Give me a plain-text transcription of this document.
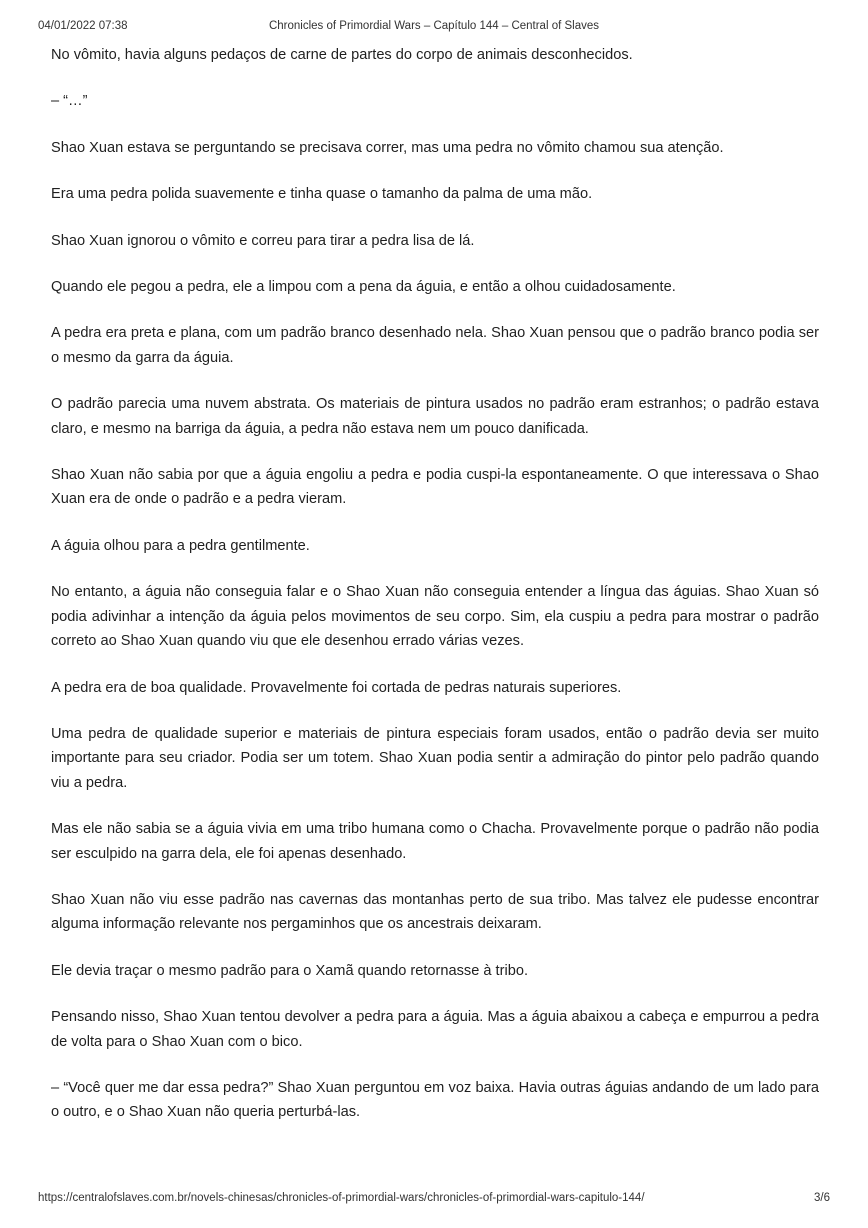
04/01/2022 07:38	Chronicles of Primordial Wars – Capítulo 144 – Central of Slaves

No vômito, havia alguns pedaços de carne de partes do corpo de animais desconhecidos.

– “…”

Shao Xuan estava se perguntando se precisava correr, mas uma pedra no vômito chamou sua atenção.

Era uma pedra polida suavemente e tinha quase o tamanho da palma de uma mão.

Shao Xuan ignorou o vômito e correu para tirar a pedra lisa de lá.

Quando ele pegou a pedra, ele a limpou com a pena da águia, e então a olhou cuidadosamente.

A pedra era preta e plana, com um padrão branco desenhado nela. Shao Xuan pensou que o padrão branco podia ser o mesmo da garra da águia.

O padrão parecia uma nuvem abstrata. Os materiais de pintura usados no padrão eram estranhos; o padrão estava claro, e mesmo na barriga da águia, a pedra não estava nem um pouco danificada.

Shao Xuan não sabia por que a águia engoliu a pedra e podia cuspi-la espontaneamente. O que interessava o Shao Xuan era de onde o padrão e a pedra vieram.

A águia olhou para a pedra gentilmente.

No entanto, a águia não conseguia falar e o Shao Xuan não conseguia entender a língua das águias. Shao Xuan só podia adivinhar a intenção da águia pelos movimentos de seu corpo. Sim, ela cuspiu a pedra para mostrar o padrão correto ao Shao Xuan quando viu que ele desenhou errado várias vezes.

A pedra era de boa qualidade. Provavelmente foi cortada de pedras naturais superiores.

Uma pedra de qualidade superior e materiais de pintura especiais foram usados, então o padrão devia ser muito importante para seu criador. Podia ser um totem. Shao Xuan podia sentir a admiração do pintor pelo padrão quando viu a pedra.

Mas ele não sabia se a águia vivia em uma tribo humana como o Chacha. Provavelmente porque o padrão não podia ser esculpido na garra dela, ele foi apenas desenhado.

Shao Xuan não viu esse padrão nas cavernas das montanhas perto de sua tribo. Mas talvez ele pudesse encontrar alguma informação relevante nos pergaminhos que os ancestrais deixaram.

Ele devia traçar o mesmo padrão para o Xamã quando retornasse à tribo.

Pensando nisso, Shao Xuan tentou devolver a pedra para a águia. Mas a águia abaixou a cabeça e empurrou a pedra de volta para o Shao Xuan com o bico.

– “Você quer me dar essa pedra?” Shao Xuan perguntou em voz baixa. Havia outras águias andando de um lado para o outro, e o Shao Xuan não queria perturbá-las.

https://centralofslaves.com.br/novels-chinesas/chronicles-of-primordial-wars/chronicles-of-primordial-wars-capitulo-144/	3/6
